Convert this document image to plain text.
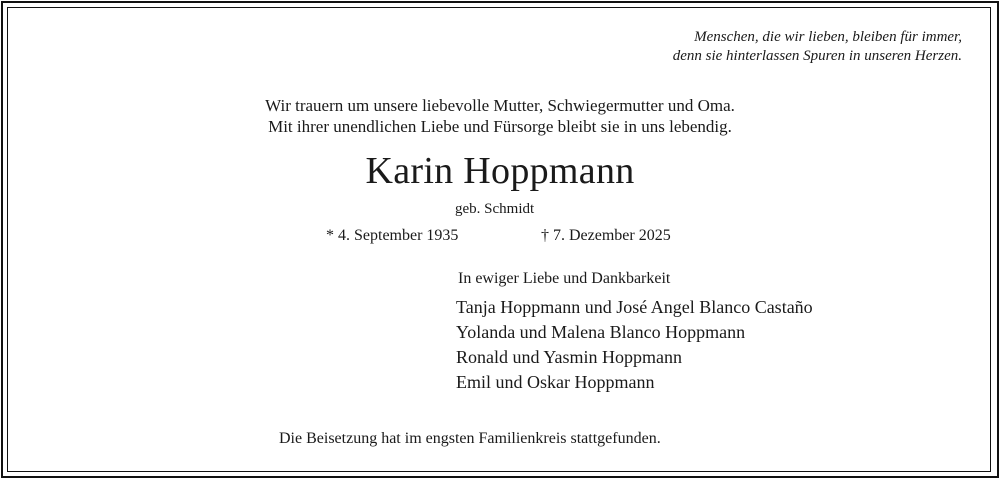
Menschen, die wir lieben, bleiben für immer,
denn sie hinterlassen Spuren in unseren Herzen.
Wir trauern um unsere liebevolle Mutter, Schwiegermutter und Oma.
Mit ihrer unendlichen Liebe und Fürsorge bleibt sie in uns lebendig.
Karin Hoppmann
geb. Schmidt
* 4. September 1935	† 7. Dezember 2025
In ewiger Liebe und Dankbarkeit
Tanja Hoppmann und José Angel Blanco Castaño
Yolanda und Malena Blanco Hoppmann
Ronald und Yasmin Hoppmann
Emil und Oskar Hoppmann
Die Beisetzung hat im engsten Familienkreis stattgefunden.
